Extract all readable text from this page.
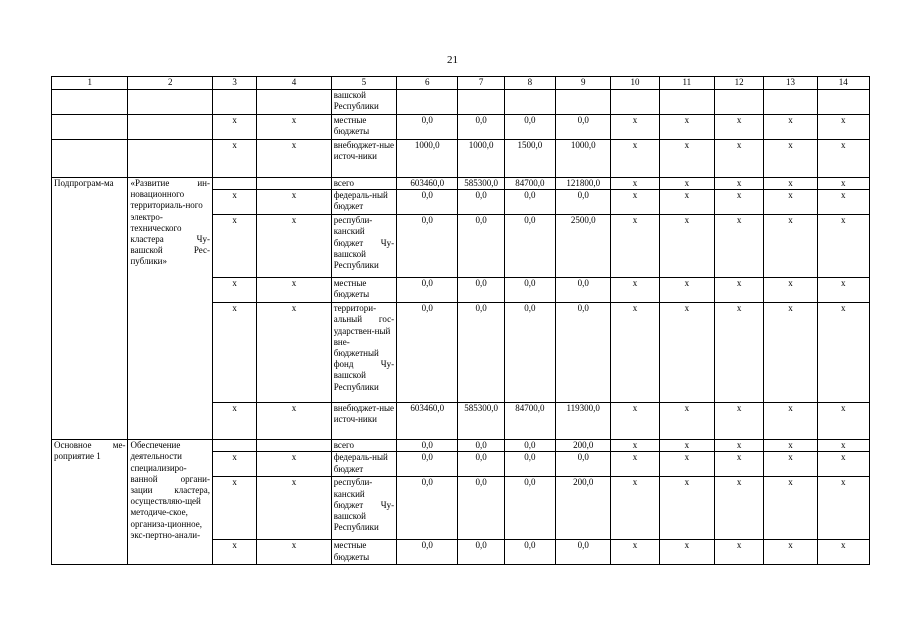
21
1	2	3	4	5	6	7	8	9	10	11	12	13	14
				вашской Республики									
		х	х	местные бюджеты	0,0	0,0	0,0	0,0	х	х	х	х	х
		х	х	внебюджет-ные источ-ники	1000,0	1000,0	1500,0	1000,0	х	х	х	х	х
Подпрограм-ма	«Развитие ин-новационного территориаль-ного электро-технического кластера Чу-вашской Рес-публики»			всего	603460,0	585300,0	84700,0	121800,0	х	х	х	х	х
		х	х	федераль-ный бюджет	0,0	0,0	0,0	0,0	х	х	х	х	х
		х	х	республи-канский бюджет Чу-вашской Республики	0,0	0,0	0,0	2500,0	х	х	х	х	х
		х	х	местные бюджеты	0,0	0,0	0,0	0,0	х	х	х	х	х
		х	х	территори-альный гос-ударствен-ный вне-бюджетный фонд Чу-вашской Республики	0,0	0,0	0,0	0,0	х	х	х	х	х
		х	х	внебюджет-ные источ-ники	603460,0	585300,0	84700,0	119300,0	х	х	х	х	х
Основное ме-роприятие 1	Обеспечение деятельности специализиро-ванной органи-зации кластера, осуществляю-щей методиче-ское, организа-ционное, экс-пертно-анали-			всего	0,0	0,0	0,0	200,0	х	х	х	х	х
		х	х	федераль-ный бюджет	0,0	0,0	0,0	0,0	х	х	х	х	х
		х	х	республи-канский бюджет Чу-вашской Республики	0,0	0,0	0,0	200,0	х	х	х	х	х
		х	х	местные бюджеты	0,0	0,0	0,0	0,0	х	х	х	х	х
